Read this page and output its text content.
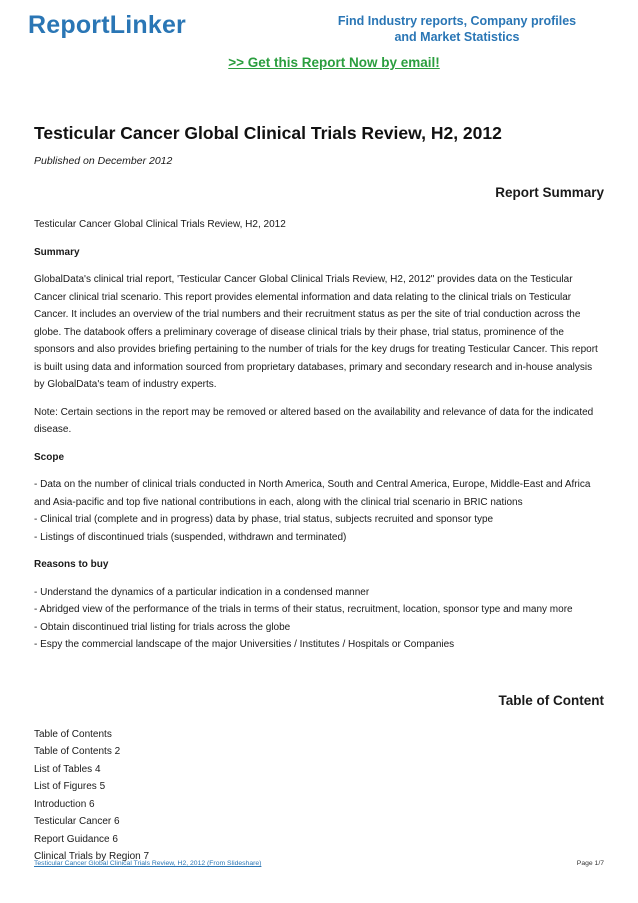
ReportLinker	Find Industry reports, Company profiles and Market Statistics
>> Get this Report Now by email!
Testicular Cancer Global Clinical Trials Review, H2, 2012
Published on December 2012
Report Summary

Testicular Cancer Global Clinical Trials Review, H2, 2012

Summary

GlobalData's clinical trial report, 'Testicular Cancer Global Clinical Trials Review, H2, 2012" provides data on the Testicular Cancer clinical trial scenario. This report provides elemental information and data relating to the clinical trials on Testicular Cancer. It includes an overview of the trial numbers and their recruitment status as per the site of trial conduction across the globe. The databook offers a preliminary coverage of disease clinical trials by their phase, trial status, prominence of the sponsors and also provides briefing pertaining to the number of trials for the key drugs for treating Testicular Cancer. This report is built using data and information sourced from proprietary databases, primary and secondary research and in-house analysis by GlobalData's team of industry experts.

Note: Certain sections in the report may be removed or altered based on the availability and relevance of data for the indicated disease.

Scope

- Data on the number of clinical trials conducted in North America, South and Central America, Europe, Middle-East and Africa and Asia-pacific and top five national contributions in each, along with the clinical trial scenario in BRIC nations
- Clinical trial (complete and in progress) data by phase, trial status, subjects recruited and sponsor type
- Listings of discontinued trials (suspended, withdrawn and terminated)

Reasons to buy

- Understand the dynamics of a particular indication in a condensed manner
- Abridged view of the performance of the trials in terms of their status, recruitment, location, sponsor type and many more
- Obtain discontinued trial listing for trials across the globe
- Espy the commercial landscape of the major Universities / Institutes / Hospitals or Companies
Table of Content
Table of Contents
Table of Contents 2
List of Tables 4
List of Figures 5
Introduction 6
Testicular Cancer 6
Report Guidance 6
Clinical Trials by Region 7
Testicular Cancer Global Clinical Trials Review, H2, 2012 (From Slideshare)	Page 1/7
